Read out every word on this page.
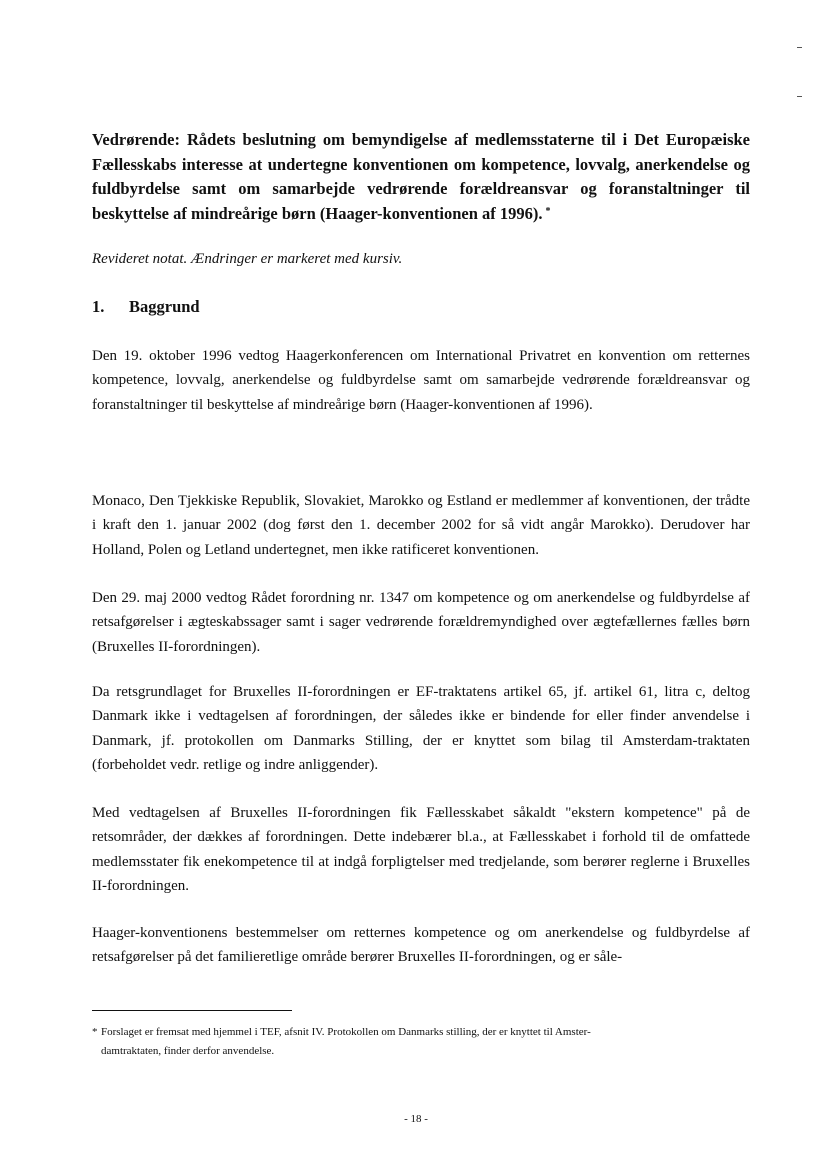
Vedrørende: Rådets beslutning om bemyndigelse af medlemsstaterne til i Det Europæiske Fællesskabs interesse at undertegne konventionen om kompetence, lovvalg, anerkendelse og fuldbyrdelse samt om samarbejde vedrørende forældreansvar og foranstaltninger til beskyttelse af mindreårige børn (Haager-konventionen af 1996). *
Revideret notat. Ændringer er markeret med kursiv.
1.	Baggrund
Den 19. oktober 1996 vedtog Haagerkonferencen om International Privatret en konvention om retternes kompetence, lovvalg, anerkendelse og fuldbyrdelse samt om samarbejde vedrørende forældreansvar og foranstaltninger til beskyttelse af mindreårige børn (Haager-konventionen af 1996).
Monaco, Den Tjekkiske Republik, Slovakiet, Marokko og Estland er medlemmer af konventionen, der trådte i kraft den 1. januar 2002 (dog først den 1. december 2002 for så vidt angår Marokko). Derudover har Holland, Polen og Letland undertegnet, men ikke ratificeret konventionen.
Den 29. maj 2000 vedtog Rådet forordning nr. 1347 om kompetence og om anerkendelse og fuldbyrdelse af retsafgørelser i ægteskabssager samt i sager vedrørende forældremyndighed over ægtefællernes fælles børn (Bruxelles II-forordningen).
Da retsgrundlaget for Bruxelles II-forordningen er EF-traktatens artikel 65, jf. artikel 61, litra c, deltog Danmark ikke i vedtagelsen af forordningen, der således ikke er bindende for eller finder anvendelse i Danmark, jf. protokollen om Danmarks Stilling, der er knyttet som bilag til Amsterdam-traktaten (forbeholdet vedr. retlige og indre anliggender).
Med vedtagelsen af Bruxelles II-forordningen fik Fællesskabet såkaldt "ekstern kompetence" på de retsområder, der dækkes af forordningen. Dette indebærer bl.a., at Fællesskabet i forhold til de omfattede medlemsstater fik enekompetence til at indgå forpligtelser med tredjelande, som berører reglerne i Bruxelles II-forordningen.
Haager-konventionens bestemmelser om retternes kompetence og om anerkendelse og fuldbyrdelse af retsafgørelser på det familieretlige område berører Bruxelles II-forordningen, og er såle-
* Forslaget er fremsat med hjemmel i TEF, afsnit IV. Protokollen om Danmarks stilling, der er knyttet til Amster-
damtraktaten, finder derfor anvendelse.
- 18 -
